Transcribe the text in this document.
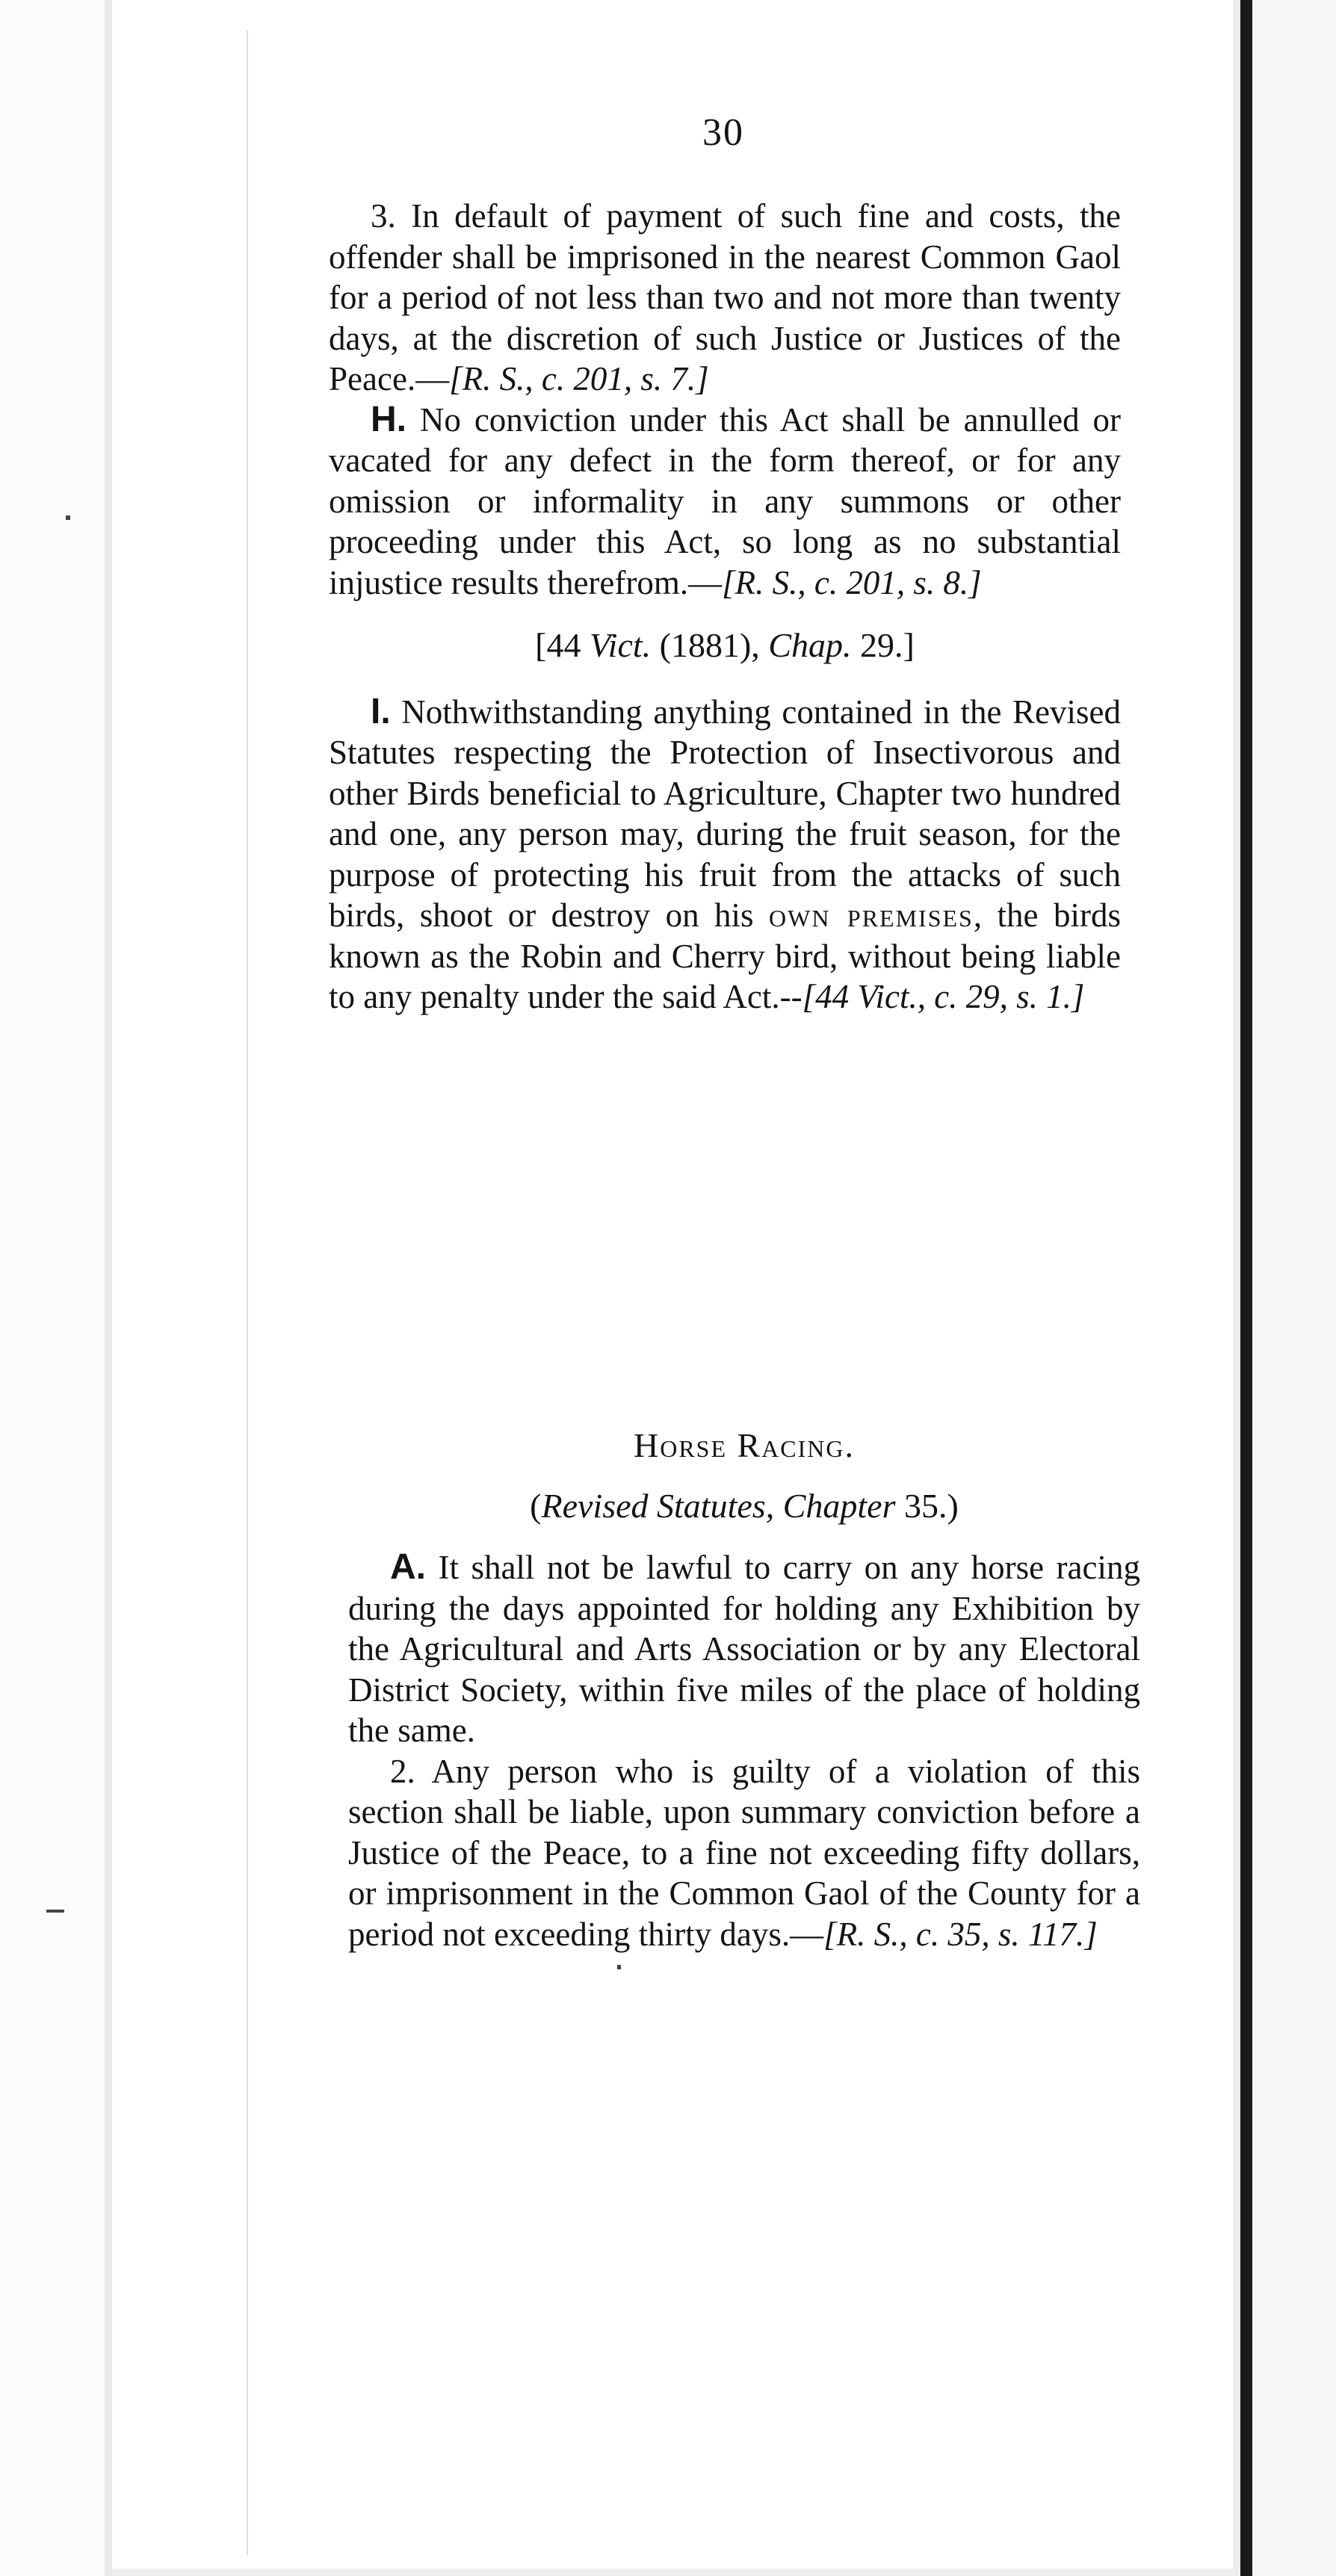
30

3. In default of payment of such fine and costs, the offender shall be imprisoned in the nearest Common Gaol for a period of not less than two and not more than twenty days, at the discretion of such Justice or Justices of the Peace.—[R. S., c. 201, s. 7.]

H. No conviction under this Act shall be annulled or vacated for any defect in the form thereof, or for any omission or informality in any summons or other proceeding under this Act, so long as no substantial injustice results therefrom.—[R. S., c. 201, s. 8.]

[44 Vict. (1881), Chap. 29.]

I. Nothwithstanding anything contained in the Revised Statutes respecting the Protection of Insectivorous and other Birds beneficial to Agriculture, Chapter two hundred and one, any person may, during the fruit season, for the purpose of protecting his fruit from the attacks of such birds, shoot or destroy on his own premises, the birds known as the Robin and Cherry bird, without being liable to any penalty under the said Act.--[44 Vict., c. 29, s. 1.]

Horse Racing.

(Revised Statutes, Chapter 35.)

A. It shall not be lawful to carry on any horse racing during the days appointed for holding any Exhibition by the Agricultural and Arts Association or by any Electoral District Society, within five miles of the place of holding the same.

2. Any person who is guilty of a violation of this section shall be liable, upon summary conviction before a Justice of the Peace, to a fine not exceeding fifty dollars, or imprisonment in the Common Gaol of the County for a period not exceeding thirty days.—[R. S., c. 35, s. 117.]
